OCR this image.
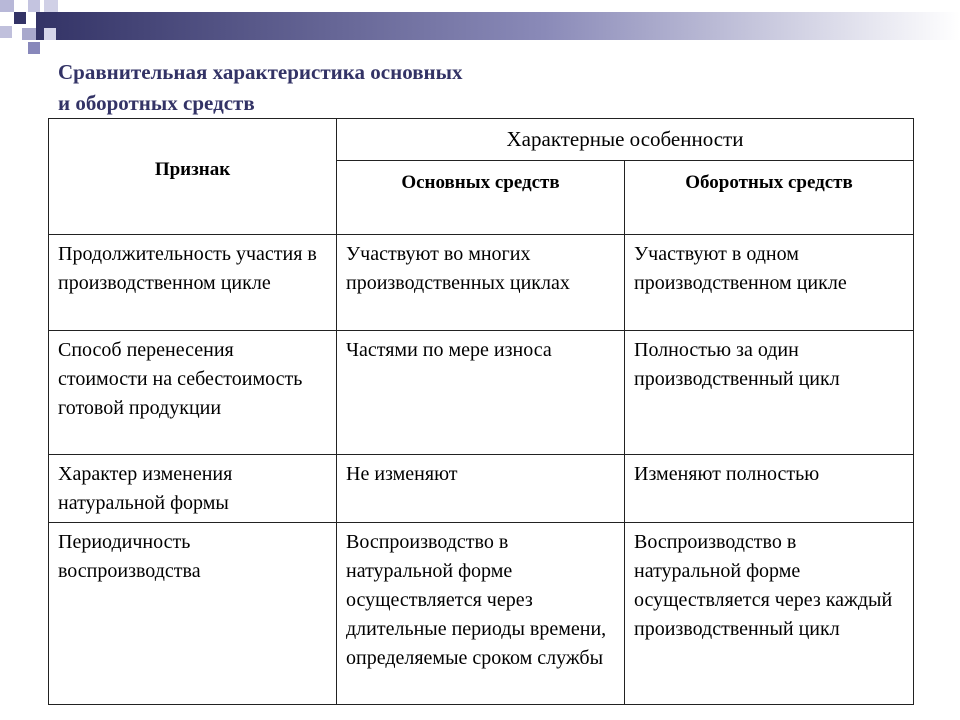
Сравнительная характеристика основных
и оборотных средств
Признак	Характерные особенности	
	Основных средств	Оборотных средств
Продолжительность участия в производственном цикле	Участвуют во многих производственных циклах	Участвуют в одном производственном цикле
Способ перенесения стоимости на себестоимость готовой продукции	Частями по мере износа	Полностью за один производственный цикл
Характер изменения натуральной формы	Не изменяют	Изменяют полностью
Периодичность воспроизводства	Воспроизводство в натуральной форме осуществляется через длительные периоды времени, определяемые сроком службы	Воспроизводство в натуральной форме осуществляется через каждый производственный цикл
